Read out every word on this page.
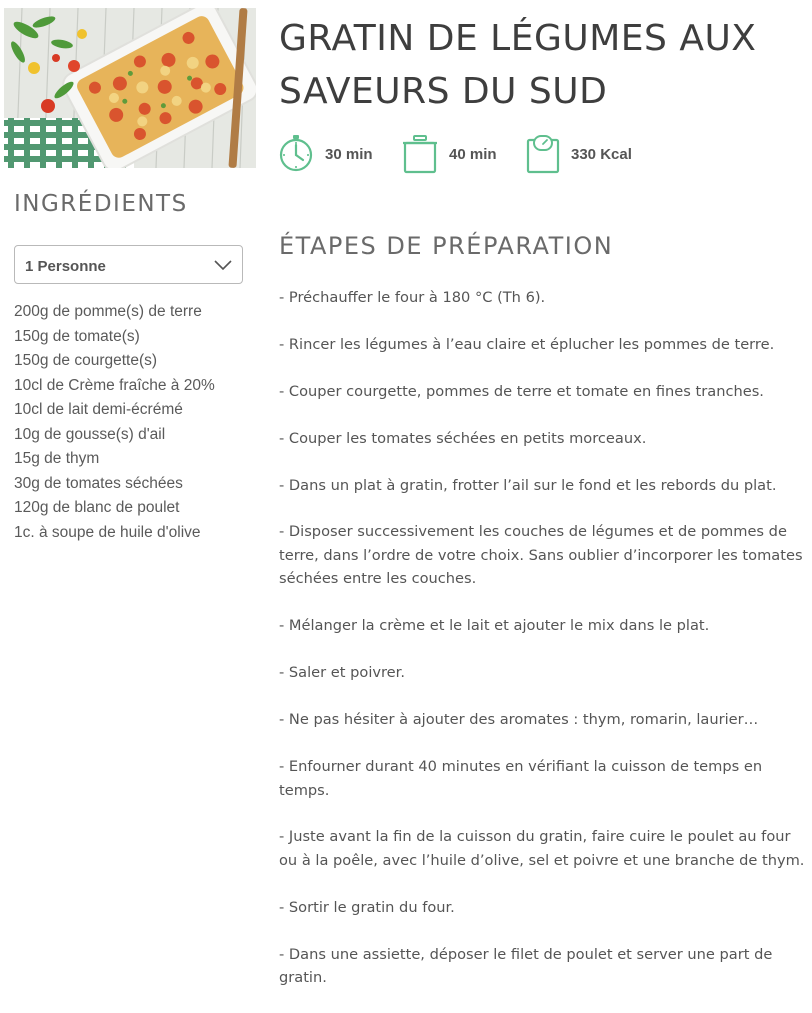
INGRÉDIENTS
1 Personne
200g de pomme(s) de terre
150g de tomate(s)
150g de courgette(s)
10cl de Crème fraîche à 20%
10cl de lait demi-écrémé
10g de gousse(s) d'ail
15g de thym
30g de tomates séchées
120g de blanc de poulet
1c. à soupe de huile d'olive
GRATIN DE LÉGUMES AUX SAVEURS DU SUD
30 min	40 min	330 Kcal
ÉTAPES DE PRÉPARATION
- Préchauffer le four à 180 °C (Th 6).
- Rincer les légumes à l’eau claire et éplucher les pommes de terre.
- Couper courgette, pommes de terre et tomate en fines tranches.
- Couper les tomates séchées en petits morceaux.
- Dans un plat à gratin, frotter l’ail sur le fond et les rebords du plat.
- Disposer successivement les couches de légumes et de pommes de terre, dans l’ordre de votre choix. Sans oublier d’incorporer les tomates séchées entre les couches.
- Mélanger la crème et le lait et ajouter le mix dans le plat.
- Saler et poivrer.
- Ne pas hésiter à ajouter des aromates : thym, romarin, laurier…
- Enfourner durant 40 minutes en vérifiant la cuisson de temps en temps.
- Juste avant la fin de la cuisson du gratin, faire cuire le poulet au four ou à la poêle, avec l’huile d’olive, sel et poivre et une branche de thym.
- Sortir le gratin du four.
- Dans une assiette, déposer le filet de poulet et server une part de gratin.
